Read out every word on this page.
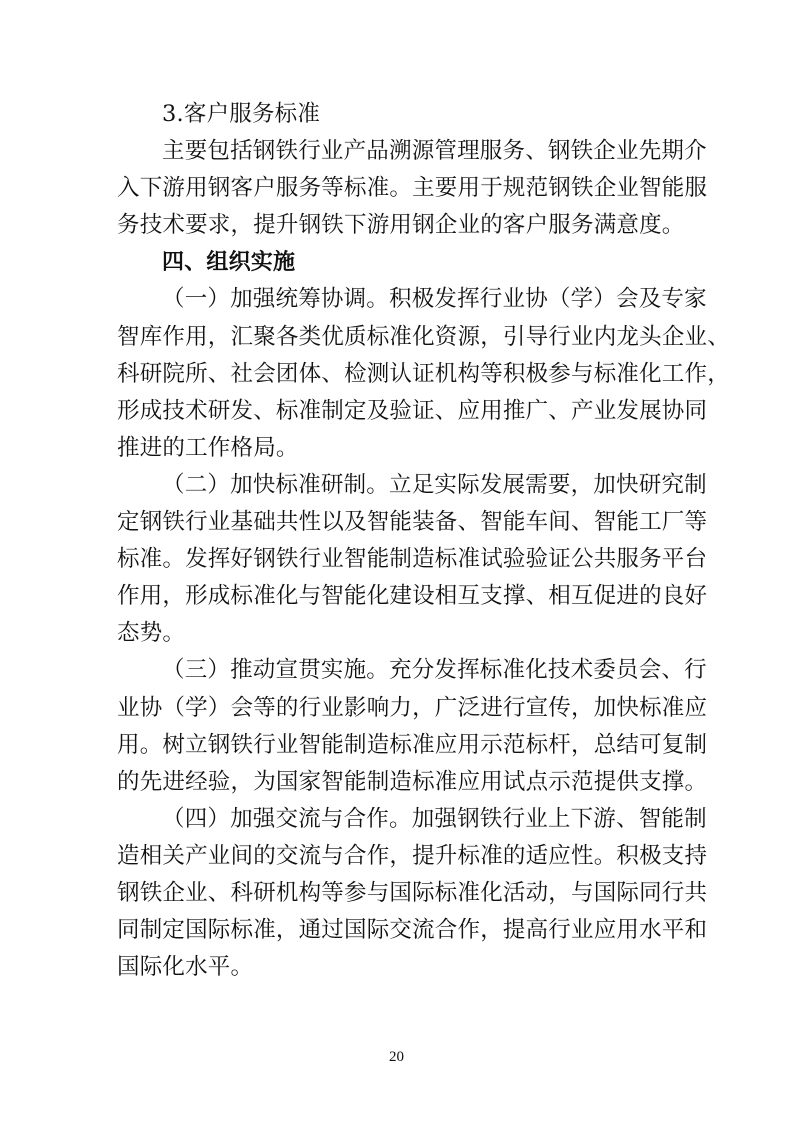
3.客户服务标准
主要包括钢铁行业产品溯源管理服务、钢铁企业先期介
入下游用钢客户服务等标准。主要用于规范钢铁企业智能服
务技术要求，提升钢铁下游用钢企业的客户服务满意度。
四、组织实施
（一）加强统筹协调。积极发挥行业协（学）会及专家
智库作用，汇聚各类优质标准化资源，引导行业内龙头企业、
科研院所、社会团体、检测认证机构等积极参与标准化工作，
形成技术研发、标准制定及验证、应用推广、产业发展协同
推进的工作格局。
（二）加快标准研制。立足实际发展需要，加快研究制
定钢铁行业基础共性以及智能装备、智能车间、智能工厂等
标准。发挥好钢铁行业智能制造标准试验验证公共服务平台
作用，形成标准化与智能化建设相互支撑、相互促进的良好
态势。
（三）推动宣贯实施。充分发挥标准化技术委员会、行
业协（学）会等的行业影响力，广泛进行宣传，加快标准应
用。树立钢铁行业智能制造标准应用示范标杆，总结可复制
的先进经验，为国家智能制造标准应用试点示范提供支撑。
（四）加强交流与合作。加强钢铁行业上下游、智能制
造相关产业间的交流与合作，提升标准的适应性。积极支持
钢铁企业、科研机构等参与国际标准化活动，与国际同行共
同制定国际标准，通过国际交流合作，提高行业应用水平和
国际化水平。
20
